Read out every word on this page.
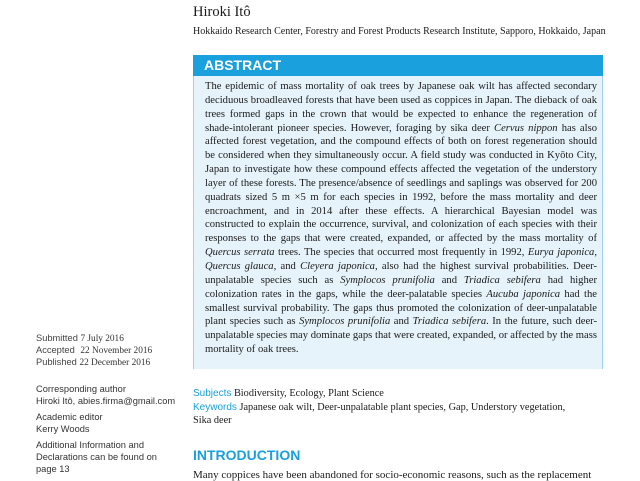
Hiroki Itô
Hokkaido Research Center, Forestry and Forest Products Research Institute, Sapporo, Hokkaido, Japan
ABSTRACT

The epidemic of mass mortality of oak trees by Japanese oak wilt has affected secondary deciduous broadleaved forests that have been used as coppices in Japan. The dieback of oak trees formed gaps in the crown that would be expected to enhance the regeneration of shade-intolerant pioneer species. However, foraging by sika deer Cervus nippon has also affected forest vegetation, and the compound effects of both on forest regeneration should be considered when they simultaneously occur. A field study was conducted in Kyōto City, Japan to investigate how these compound effects affected the vegetation of the understory layer of these forests. The presence/absence of seedlings and saplings was observed for 200 quadrats sized 5 m ×5 m for each species in 1992, before the mass mortality and deer encroachment, and in 2014 after these effects. A hierarchical Bayesian model was constructed to explain the occurrence, survival, and colonization of each species with their responses to the gaps that were created, expanded, or affected by the mass mortality of Quercus serrata trees. The species that occurred most frequently in 1992, Eurya japonica, Quercus glauca, and Cleyera japonica, also had the highest survival probabilities. Deer-unpalatable species such as Symplocos prunifolia and Triadica sebifera had higher colonization rates in the gaps, while the deer-palatable species Aucuba japonica had the smallest survival probability. The gaps thus promoted the colonization of deer-unpalatable plant species such as Symplocos prunifolia and Triadica sebifera. In the future, such deer-unpalatable species may dominate gaps that were created, expanded, or affected by the mass mortality of oak trees.

Submitted 7 July 2016
Accepted 22 November 2016
Published 22 December 2016
Corresponding author
Hiroki Itô, abies.firma@gmail.com
Academic editor
Kerry Woods
Additional Information and
Declarations can be found on
page 13
Subjects Biodiversity, Ecology, Plant Science
Keywords Japanese oak wilt, Deer-unpalatable plant species, Gap, Understory vegetation,
Sika deer
INTRODUCTION
Many coppices have been abandoned for socio-economic reasons, such as the replacement
